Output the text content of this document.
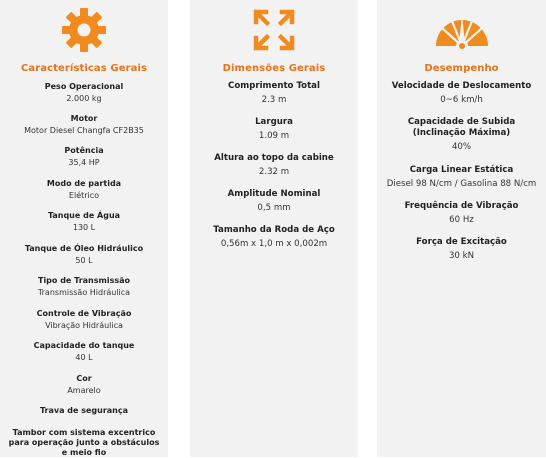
Características Gerais
Peso Operacional
2.000 kg
Motor
Motor Diesel Changfa CF2B35
Potência
35,4 HP
Modo de partida
Elétrico
Tanque de Água
130 L
Tanque de Óleo Hidráulico
50 L
Tipo de Transmissão
Transmissão Hidráulica
Controle de Vibração
Vibração Hidráulica
Capacidade do tanque
40 L
Cor
Amarelo
Trava de segurança
Tambor com sistema excentrico para operação junto a obstáculos e meio fio
Dimensões Gerais
Comprimento Total
2.3 m
Largura
1.09 m
Altura ao topo da cabine
2.32 m
Amplitude Nominal
0,5 mm
Tamanho da Roda de Aço
0,56m x 1,0 m x 0,002m
Desempenho
Velocidade de Deslocamento
0~6 km/h
Capacidade de Subida (Inclinação Máxima)
40%
Carga Linear Estática
Diesel 98 N/cm / Gasolina 88 N/cm
Frequência de Vibração
60 Hz
Força de Excitação
30 kN
